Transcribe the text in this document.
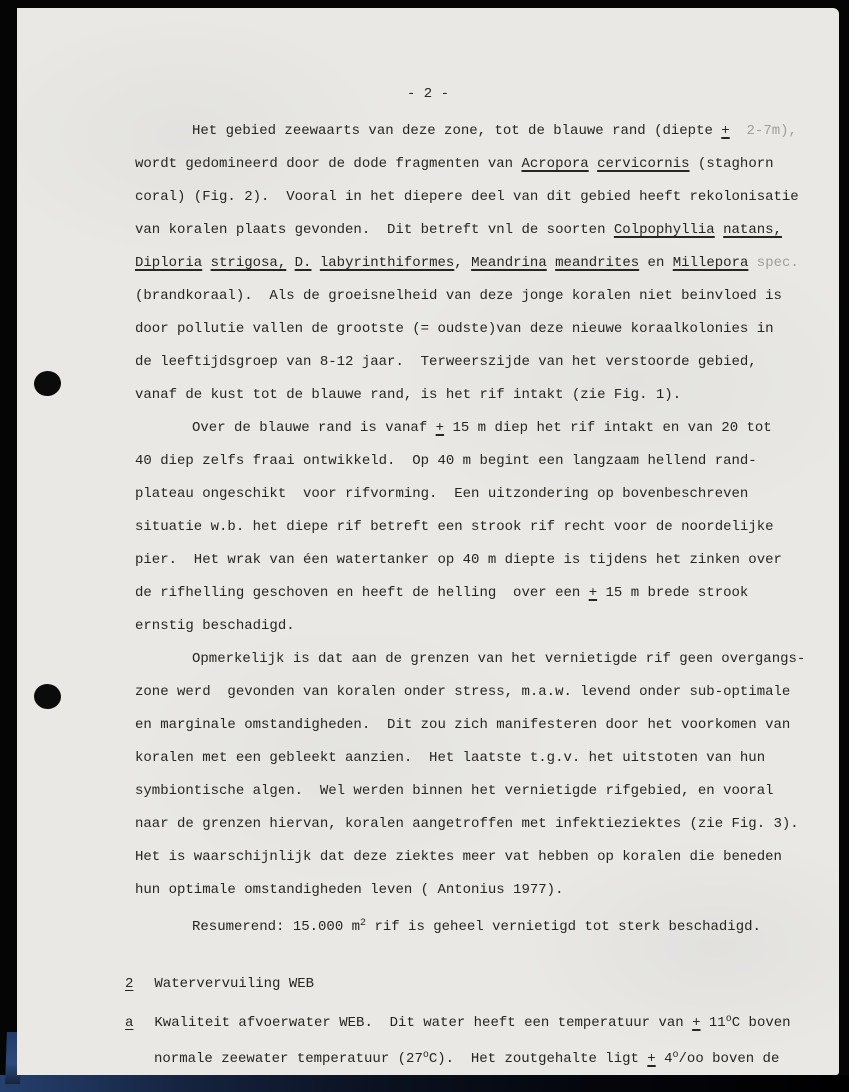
- 2 -
Het gebied zeewaarts van deze zone, tot de blauwe rand (diepte + 2-7m),
wordt gedomineerd door de dode fragmenten van Acropora cervicornis (staghorn
coral) (Fig. 2).  Vooral in het diepere deel van dit gebied heeft rekolonisatie
van koralen plaats gevonden.  Dit betreft vnl de soorten Colpophyllia natans,
Diploria strigosa, D. labyrinthiformes, Meandrina meandrites en Millepora spec.
(brandkoraal).  Als de groeisnelheid van deze jonge koralen niet beinvloed is
door pollutie vallen de grootste (= oudste)van deze nieuwe koraalkolonies in
de leeftijdsgroep van 8-12 jaar.  Terweerszijde van het verstoorde gebied,
vanaf de kust tot de blauwe rand, is het rif intakt (zie Fig. 1).
Over de blauwe rand is vanaf + 15 m diep het rif intakt en van 20 tot
40 diep zelfs fraai ontwikkeld.  Op 40 m begint een langzaam hellend rand-
plateau ongeschikt  voor rifvorming.  Een uitzondering op bovenbeschreven
situatie w.b. het diepe rif betreft een strook rif recht voor de noordelijke
pier.  Het wrak van éen watertanker op 40 m diepte is tijdens het zinken over
de rifhelling geschoven en heeft de helling  over een + 15 m brede strook
ernstig beschadigd.
Opmerkelijk is dat aan de grenzen van het vernietigde rif geen overgangs-
zone werd  gevonden van koralen onder stress, m.a.w. levend onder sub-optimale
en marginale omstandigheden.  Dit zou zich manifesteren door het voorkomen van
koralen met een gebleekt aanzien.  Het laatste t.g.v. het uitstoten van hun
symbiontische algen.  Wel werden binnen het vernietigde rifgebied, en vooral
naar de grenzen hiervan, koralen aangetroffen met infektieziektes (zie Fig. 3).
Het is waarschijnlijk dat deze ziektes meer vat hebben op koralen die beneden
hun optimale omstandigheden leven ( Antonius 1977).
Resumerend: 15.000 $m^2$ rif is geheel vernietigd tot sterk beschadigd.
2 Watervervuiling WEB
a Kwaliteit afvoerwater WEB.  Dit water heeft een temperatuur van + $11^oC$ boven
normale zeewater temperatuur (27$^o$C).  Het zoutgehalte ligt + $4^o/oo$ boven de
